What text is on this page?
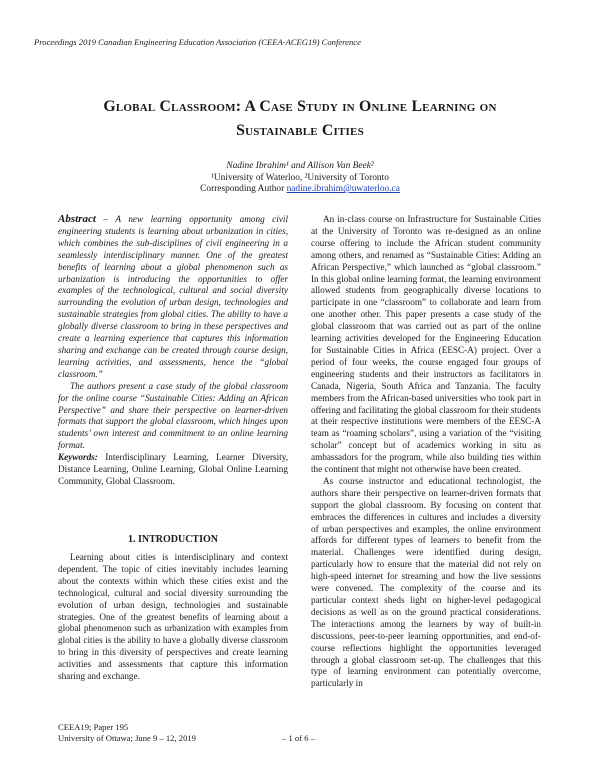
Proceedings 2019 Canadian Engineering Education Association (CEEA-ACEG19) Conference
Global Classroom: A Case Study in Online Learning on
Sustainable Cities
Nadine Ibrahim¹ and Allison Van Beek²
¹University of Waterloo, ²University of Toronto
Corresponding Author nadine.ibrahim@uwaterloo.ca

Abstract – A new learning opportunity among civil engineering students is learning about urbanization in cities, which combines the sub-disciplines of civil engineering in a seamlessly interdisciplinary manner. One of the greatest benefits of learning about a global phenomenon such as urbanization is introducing the opportunities to offer examples of the technological, cultural and social diversity surrounding the evolution of urban design, technologies and sustainable strategies from global cities. The ability to have a globally diverse classroom to bring in these perspectives and create a learning experience that captures this information sharing and exchange can be created through course design, learning activities, and assessments, hence the “global classroom.”

The authors present a case study of the global classroom for the online course “Sustainable Cities: Adding an African Perspective” and share their perspective on learner-driven formats that support the global classroom, which hinges upon students’ own interest and commitment to an online learning format.

Keywords: Interdisciplinary Learning, Learner Diversity, Distance Learning, Online Learning, Global Online Learning Community, Global Classroom.

1. INTRODUCTION

Learning about cities is interdisciplinary and context dependent. The topic of cities inevitably includes learning about the contexts within which these cities exist and the technological, cultural and social diversity surrounding the evolution of urban design, technologies and sustainable strategies. One of the greatest benefits of learning about a global phenomenon such as urbanization with examples from global cities is the ability to have a globally diverse classroom to bring in this diversity of perspectives and create learning activities and assessments that capture this information sharing and exchange.

An in-class course on Infrastructure for Sustainable Cities at the University of Toronto was re-designed as an online course offering to include the African student community among others, and renamed as “Sustainable Cities: Adding an African Perspective,” which launched as “global classroom.” In this global online learning format, the learning environment allowed students from geographically diverse locations to participate in one “classroom” to collaborate and learn from one another other. This paper presents a case study of the global classroom that was carried out as part of the online learning activities developed for the Engineering Education for Sustainable Cities in Africa (EESC-A) project. Over a period of four weeks, the course engaged four groups of engineering students and their instructors as facilitators in Canada, Nigeria, South Africa and Tanzania. The faculty members from the African-based universities who took part in offering and facilitating the global classroom for their students at their respective institutions were members of the EESC-A team as “roaming scholars”, using a variation of the “visiting scholar” concept but of academics working in situ as ambassadors for the program, while also building ties within the continent that might not otherwise have been created.

As course instructor and educational technologist, the authors share their perspective on learner-driven formats that support the global classroom. By focusing on content that embraces the differences in cultures and includes a diversity of urban perspectives and examples, the online environment affords for different types of learners to benefit from the material. Challenges were identified during design, particularly how to ensure that the material did not rely on high-speed internet for streaming and how the live sessions were convened. The complexity of the course and its particular context sheds light on higher-level pedagogical decisions as well as on the ground practical considerations. The interactions among the learners by way of built-in discussions, peer-to-peer learning opportunities, and end-of-course reflections highlight the opportunities leveraged through a global classroom set-up. The challenges that this type of learning environment can potentially overcome, particularly in

CEEA19; Paper 195
University of Ottawa; June 9 – 12, 2019	– 1 of 6 –
